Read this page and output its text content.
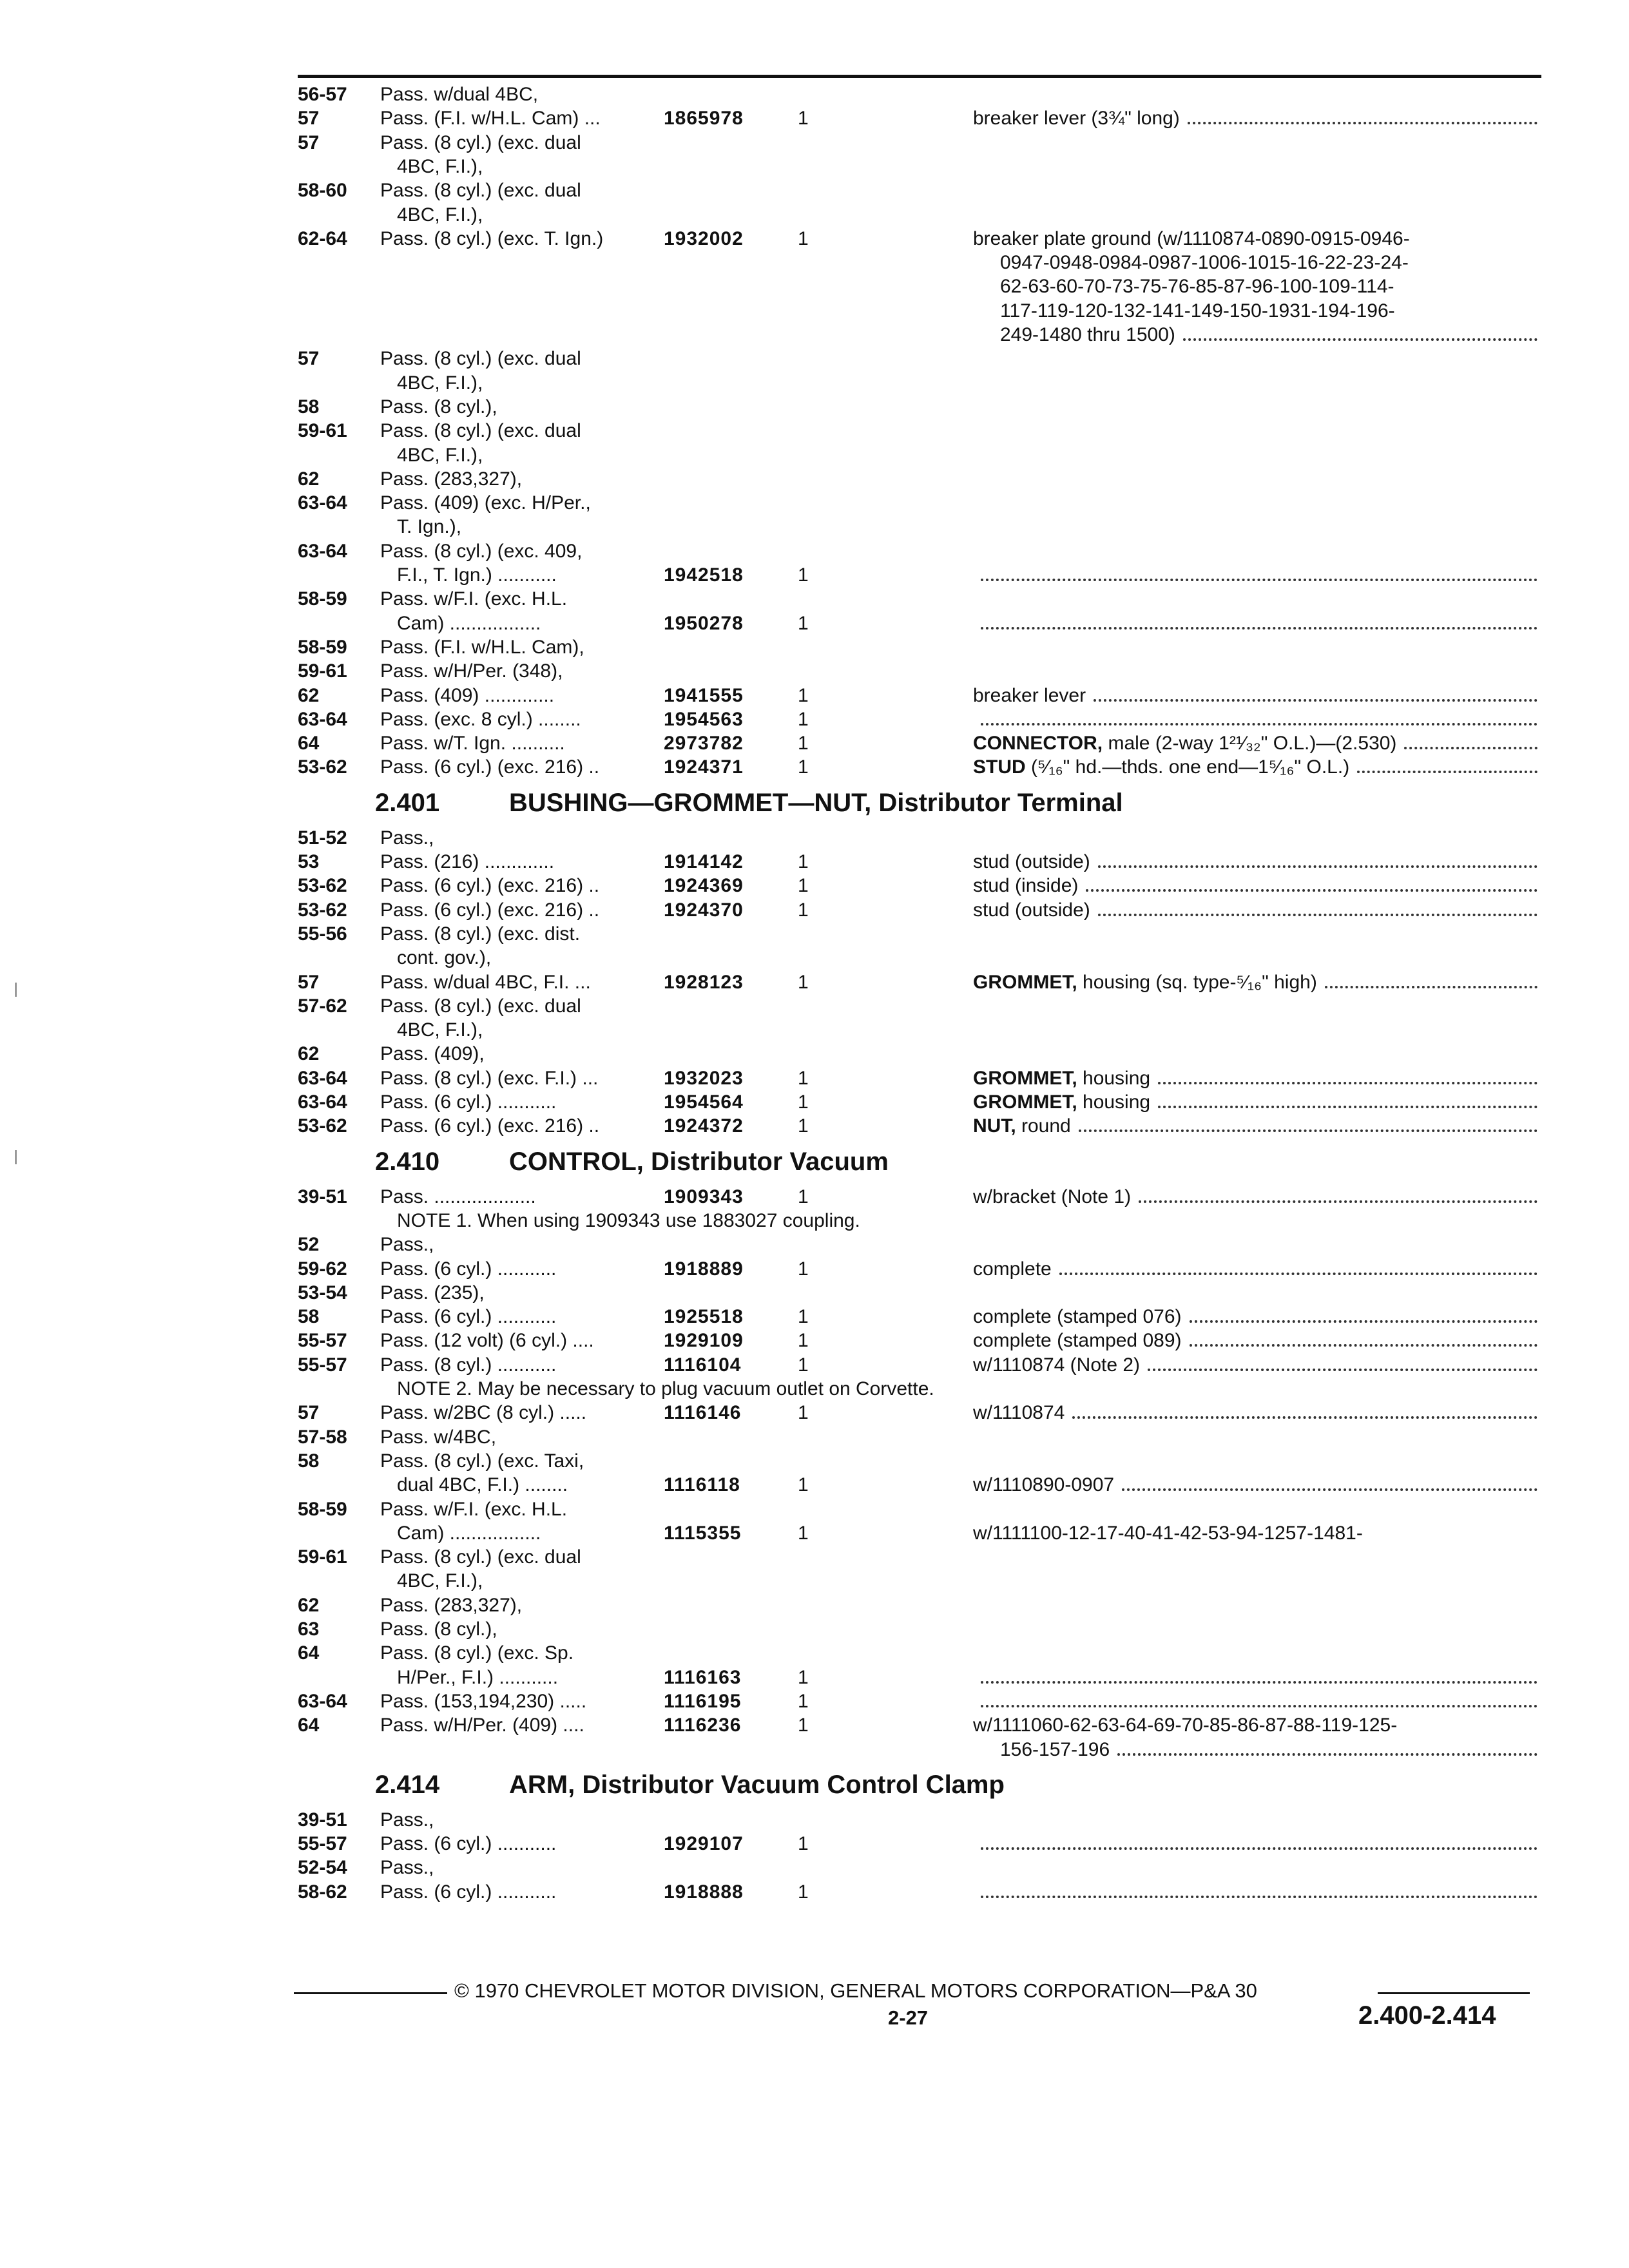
56-57 Pass. w/dual 4BC,
57	Pass. (F.I. w/H.L. Cam) ...	1865978	1	breaker lever (3¾" long)
57	Pass. (8 cyl.) (exc. dual
4BC, F.I.),
58-60 Pass. (8 cyl.) (exc. dual
4BC, F.I.),
62-64 Pass. (8 cyl.) (exc. T. Ign.)	1932002	1	breaker plate ground (w/1110874-0890-0915-0946-
0947-0948-0984-0987-1006-1015-16-22-23-24-
62-63-60-70-73-75-76-85-87-96-100-109-114-
117-119-120-132-141-149-150-1931-194-196-
249-1480 thru 1500)
57	Pass. (8 cyl.) (exc. dual
4BC, F.I.),
58	Pass. (8 cyl.),
59-61 Pass. (8 cyl.) (exc. dual
4BC, F.I.),
62	Pass. (283,327),
63-64 Pass. (409) (exc. H/Per.,
T. Ign.),
63-64 Pass. (8 cyl.) (exc. 409,
F.I., T. Ign.) ...........	1942518	1
58-59 Pass. w/F.I. (exc. H.L.
Cam) .................	1950278	1
58-59 Pass. (F.I. w/H.L. Cam),
59-61 Pass. w/H/Per. (348),
62	Pass. (409) .............	1941555	1	breaker lever
63-64 Pass. (exc. 8 cyl.) ........	1954563	1
64	Pass. w/T. Ign. ..........	2973782	1	CONNECTOR, male (2-way 1²¹⁄₃₂" O.L.)—(2.530)
53-62 Pass. (6 cyl.) (exc. 216) ..	1924371	1	STUD (⁵⁄₁₆" hd.—thds. one end—1⁵⁄₁₆" O.L.)
2.401	BUSHING—GROMMET—NUT, Distributor Terminal
51-52 Pass.,
53	Pass. (216) .............	1914142	1	stud (outside)
53-62 Pass. (6 cyl.) (exc. 216) ..	1924369	1	stud (inside)
53-62 Pass. (6 cyl.) (exc. 216) ..	1924370	1	stud (outside)
55-56 Pass. (8 cyl.) (exc. dist.
cont. gov.),
57	Pass. w/dual 4BC, F.I. ...	1928123	1	GROMMET, housing (sq. type-⁵⁄₁₆" high)
57-62 Pass. (8 cyl.) (exc. dual
4BC, F.I.),
62	Pass. (409),
63-64 Pass. (8 cyl.) (exc. F.I.) ...	1932023	1	GROMMET, housing
63-64 Pass. (6 cyl.) ...........	1954564	1	GROMMET, housing
53-62 Pass. (6 cyl.) (exc. 216) ..	1924372	1	NUT, round
2.410	CONTROL, Distributor Vacuum
39-51 Pass. ...................	1909343	1	w/bracket (Note 1)
NOTE 1. When using 1909343 use 1883027 coupling.
52	Pass.,
59-62 Pass. (6 cyl.) ...........	1918889	1	complete
53-54 Pass. (235),
58	Pass. (6 cyl.) ...........	1925518	1	complete (stamped 076)
55-57 Pass. (12 volt) (6 cyl.) ....	1929109	1	complete (stamped 089)
55-57 Pass. (8 cyl.) ...........	1116104	1	w/1110874 (Note 2)
NOTE 2. May be necessary to plug vacuum outlet on Corvette.
57	Pass. w/2BC (8 cyl.) .....	1116146	1	w/1110874
57-58 Pass. w/4BC,
58	Pass. (8 cyl.) (exc. Taxi,
dual 4BC, F.I.) ........	1116118	1	w/1110890-0907
58-59 Pass. w/F.I. (exc. H.L.
Cam) .................	1115355	1	w/1111100-12-17-40-41-42-53-94-1257-1481-
59-61 Pass. (8 cyl.) (exc. dual
4BC, F.I.),
62	Pass. (283,327),
63	Pass. (8 cyl.),
64	Pass. (8 cyl.) (exc. Sp.
H/Per., F.I.) ...........	1116163	1
63-64 Pass. (153,194,230) .....	1116195	1
64	Pass. w/H/Per. (409) ....	1116236	1	w/1111060-62-63-64-69-70-85-86-87-88-119-125-
156-157-196
2.414	ARM, Distributor Vacuum Control Clamp
39-51 Pass.,
55-57 Pass. (6 cyl.) ...........	1929107	1
52-54 Pass.,
58-62 Pass. (6 cyl.) ...........	1918888	1
© 1970 CHEVROLET MOTOR DIVISION, GENERAL MOTORS CORPORATION—P&A 30
2-27	2.400-2.414
